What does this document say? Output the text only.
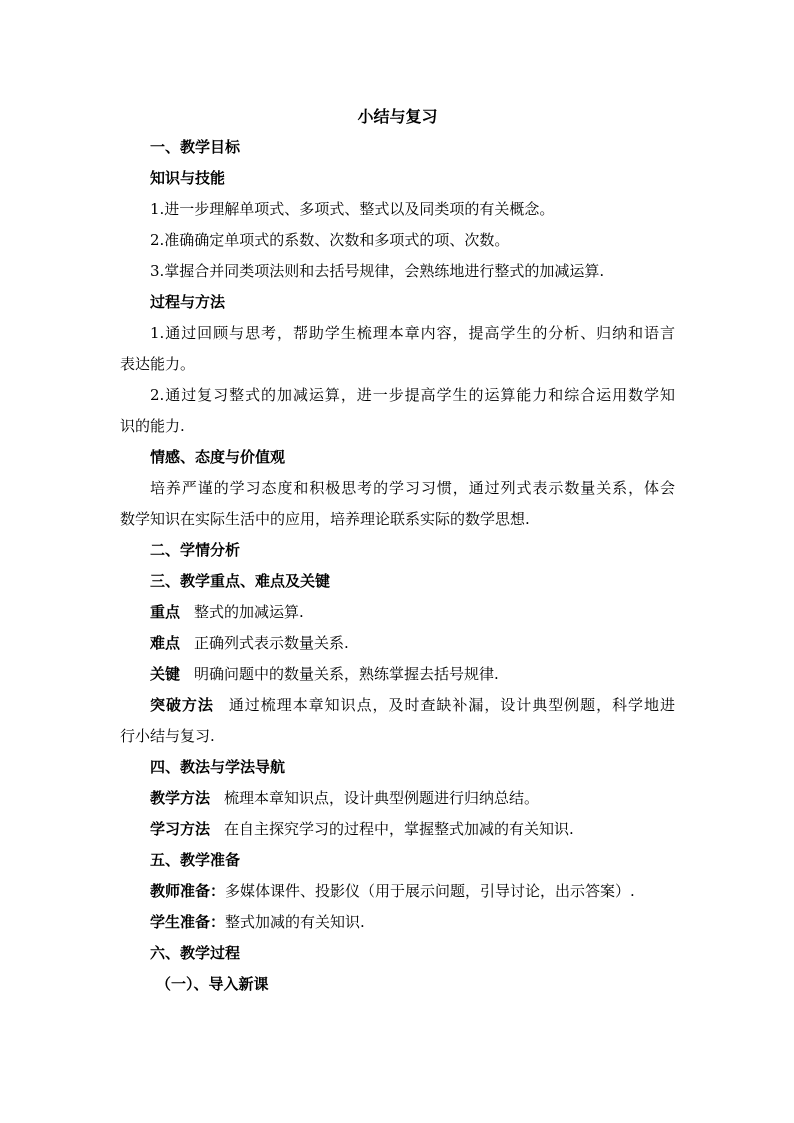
小结与复习
一、教学目标
知识与技能
1.进一步理解单项式、多项式、整式以及同类项的有关概念。
2.准确确定单项式的系数、次数和多项式的项、次数。
3.掌握合并同类项法则和去括号规律，会熟练地进行整式的加减运算.
过程与方法
1.通过回顾与思考，帮助学生梳理本章内容，提高学生的分析、归纳和语言
表达能力。
2.通过复习整式的加减运算，进一步提高学生的运算能力和综合运用数学知
识的能力.
情感、态度与价值观
培养严谨的学习态度和积极思考的学习习惯，通过列式表示数量关系，体会
数学知识在实际生活中的应用，培养理论联系实际的数学思想.
二、学情分析
三、教学重点、难点及关键
重点 整式的加减运算.
难点 正确列式表示数量关系.
关键 明确问题中的数量关系，熟练掌握去括号规律.
突破方法 通过梳理本章知识点，及时查缺补漏，设计典型例题，科学地进
行小结与复习.
四、教法与学法导航
教学方法 梳理本章知识点，设计典型例题进行归纳总结。
学习方法 在自主探究学习的过程中，掌握整式加减的有关知识.
五、教学准备
教师准备：多媒体课件、投影仪（用于展示问题，引导讨论，出示答案）.
学生准备：整式加减的有关知识.
六、教学过程
（一）、导入新课
